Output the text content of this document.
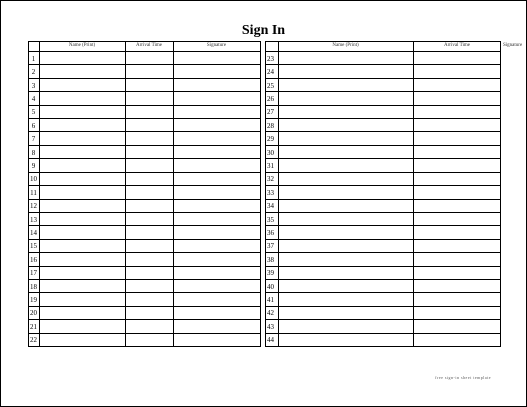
Sign In
Name (Print)	Arrival Time	Signature
1
2
3
4
5
6
7
8
9
10
11
12
13
14
15
16
17
18
19
20
21
22
Name (Print)	Arrival Time	Signature
23
24
25
26
27
28
29
30
31
32
33
34
35
36
37
38
39
40
41
42
43
44
free sign-in sheet template
